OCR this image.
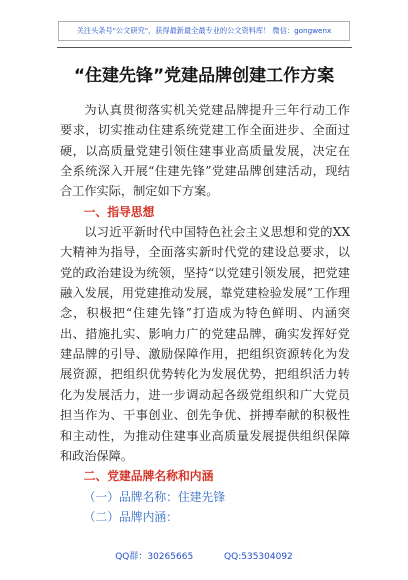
关注头条号"公文研究"，获得最新最全最专业的公文资料库！ 微信：gongwenx
“住建先锋”党建品牌创建工作方案

为认真贯彻落实机关党建品牌提升三年行动工作要求，切实推动住建系统党建工作全面进步、全面过硬，以高质量党建引领住建事业高质量发展，决定在全系统深入开展“住建先锋”党建品牌创建活动，现结合工作实际，制定如下方案。

一、指导思想

以习近平新时代中国特色社会主义思想和党的XX大精神为指导，全面落实新时代党的建设总要求，以党的政治建设为统领，坚持“以党建引领发展，把党建融入发展，用党建推动发展，靠党建检验发展”工作理念，积极把“住建先锋”打造成为特色鲜明、内涵突出、措施扎实、影响力广的党建品牌，确实发挥好党建品牌的引导、激励保障作用，把组织资源转化为发展资源，把组织优势转化为发展优势，把组织活力转化为发展活力，进一步调动起各级党组织和广大党员担当作为、干事创业、创先争优、拼搏奉献的积极性和主动性，为推动住建事业高质量发展提供组织保障和政治保障。

二、党建品牌名称和内涵

（一）品牌名称：住建先锋

（二）品牌内涵：

QQ群：30265665	QQ:535304092
